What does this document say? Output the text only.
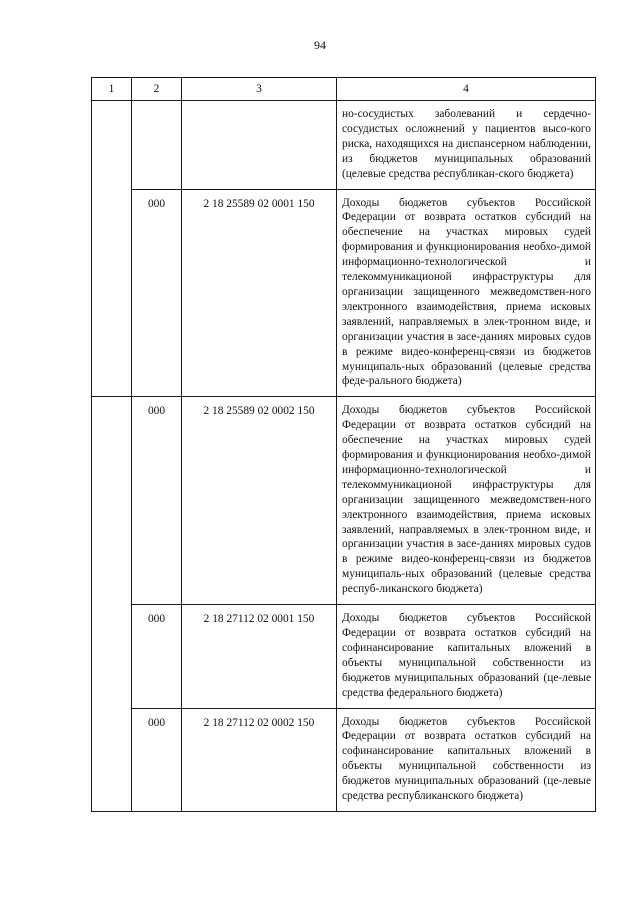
94
1	2	3	4

			но-сосудистых заболеваний и сердечно-сосудистых осложнений у пациентов высо-кого риска, находящихся на диспансерном наблюдении, из бюджетов муниципальных образований (целевые средства республикан-ского бюджета)

	000	2 18 25589 02 0001 150	Доходы бюджетов субъектов Российской Федерации от возврата остатков субсидий на обеспечение на участках мировых судей формирования и функционирования необхо-димой информационно-технологической и телекоммуникационой инфраструктуры для организации защищенного межведомствен-ного электронного взаимодействия, приема исковых заявлений, направляемых в элек-тронном виде, и организации участия в засе-даниях мировых судов в режиме видео-конференц-связи из бюджетов муниципаль-ных образований (целевые средства феде-рального бюджета)

	000	2 18 25589 02 0002 150	Доходы бюджетов субъектов Российской Федерации от возврата остатков субсидий на обеспечение на участках мировых судей формирования и функционирования необхо-димой информационно-технологической и телекоммуникационой инфраструктуры для организации защищенного межведомствен-ного электронного взаимодействия, приема исковых заявлений, направляемых в элек-тронном виде, и организации участия в засе-даниях мировых судов в режиме видео-конференц-связи из бюджетов муниципаль-ных образований (целевые средства респуб-ликанского бюджета)

	000	2 18 27112 02 0001 150	Доходы бюджетов субъектов Российской Федерации от возврата остатков субсидий на софинансирование капитальных вложений в объекты муниципальной собственности из бюджетов муниципальных образований (це-левые средства федерального бюджета)

	000	2 18 27112 02 0002 150	Доходы бюджетов субъектов Российской Федерации от возврата остатков субсидий на софинансирование капитальных вложений в объекты муниципальной собственности из бюджетов муниципальных образований (це-левые средства республиканского бюджета)
